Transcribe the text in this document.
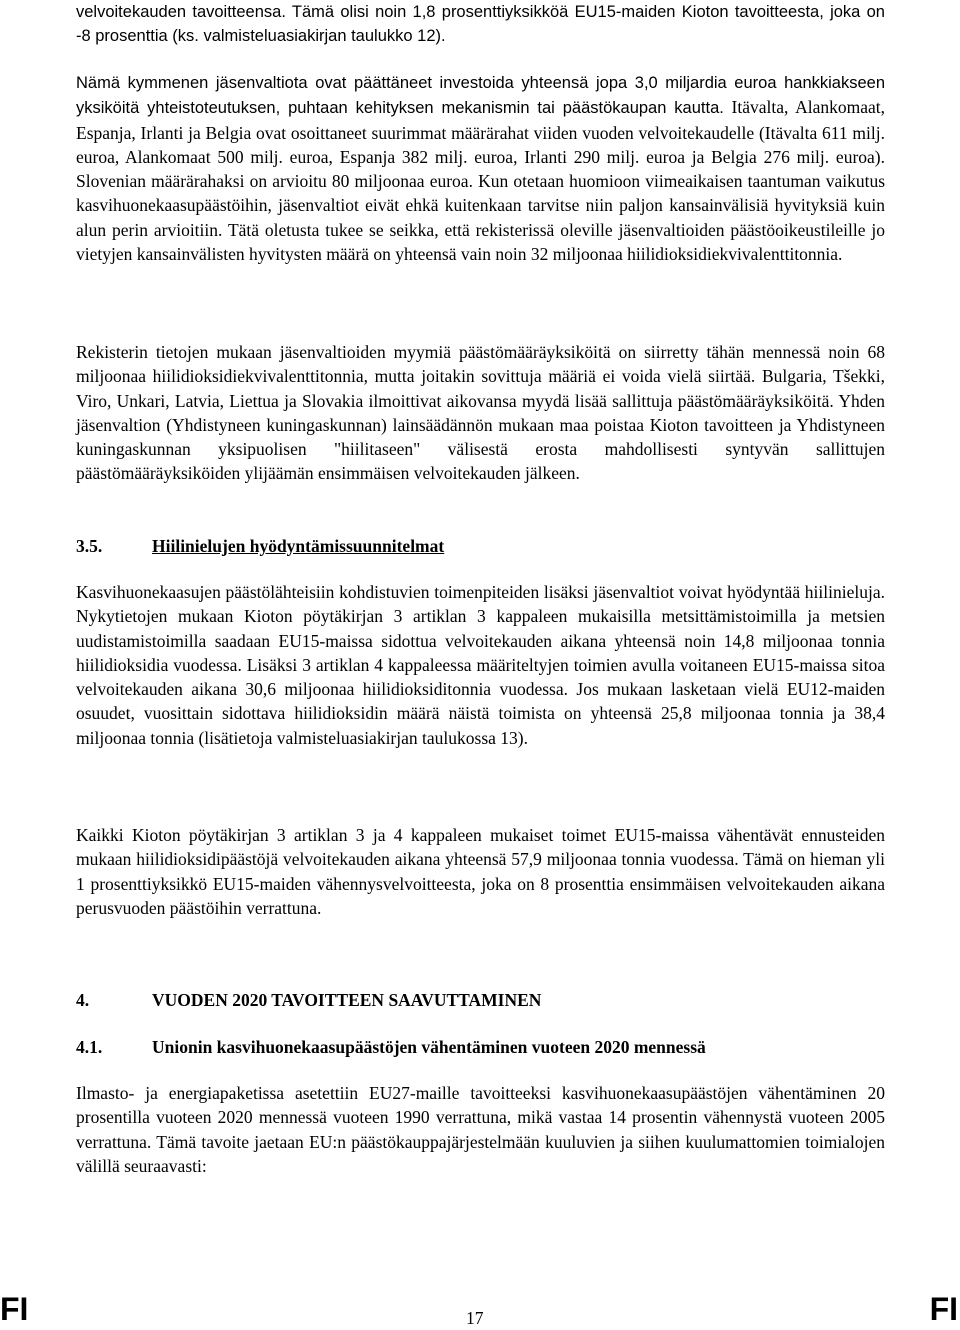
velvoitekauden tavoitteensa. Tämä olisi noin 1,8 prosenttiyksikköä EU15-maiden Kioton tavoitteesta, joka on -8 prosenttia (ks. valmisteluasiakirjan taulukko 12).

Nämä kymmenen jäsenvaltiota ovat päättäneet investoida yhteensä jopa 3,0 miljardia euroa hankkiakseen yksiköitä yhteistoteutuksen, puhtaan kehityksen mekanismin tai päästökaupan kautta. Itävalta, Alankomaat, Espanja, Irlanti ja Belgia ovat osoittaneet suurimmat määrärahat viiden vuoden velvoitekaudelle (Itävalta 611 milj. euroa, Alankomaat 500 milj. euroa, Espanja 382 milj. euroa, Irlanti 290 milj. euroa ja Belgia 276 milj. euroa). Slovenian määrärahaksi on arvioitu 80 miljoonaa euroa. Kun otetaan huomioon viimeaikaisen taantuman vaikutus kasvihuonekaasupäästöihin, jäsenvaltiot eivät ehkä kuitenkaan tarvitse niin paljon kansainvälisiä hyvityksiä kuin alun perin arvioitiin. Tätä oletusta tukee se seikka, että rekisterissä oleville jäsenvaltioiden päästöoikeustileille jo vietyjen kansainvälisten hyvitysten määrä on yhteensä vain noin 32 miljoonaa hiilidioksidiekvivalenttitonnia.

Rekisterin tietojen mukaan jäsenvaltioiden myymiä päästömääräyksiköitä on siirretty tähän mennessä noin 68 miljoonaa hiilidioksidiekvivalenttitonnia, mutta joitakin sovittuja määriä ei voida vielä siirtää. Bulgaria, Tšekki, Viro, Unkari, Latvia, Liettua ja Slovakia ilmoittivat aikovansa myydä lisää sallittuja päästömääräyksiköitä. Yhden jäsenvaltion (Yhdistyneen kuningaskunnan) lainsäädännön mukaan maa poistaa Kioton tavoitteen ja Yhdistyneen kuningaskunnan yksipuolisen "hiilitaseen" välisestä erosta mahdollisesti syntyvän sallittujen päästömääräyksiköiden ylijäämän ensimmäisen velvoitekauden jälkeen.

3.5.	Hiilinielujen hyödyntämissuunnitelmat

Kasvihuonekaasujen päästölähteisiin kohdistuvien toimenpiteiden lisäksi jäsenvaltiot voivat hyödyntää hiilinieluja. Nykytietojen mukaan Kioton pöytäkirjan 3 artiklan 3 kappaleen mukaisilla metsittämistoimilla ja metsien uudistamistoimilla saadaan EU15-maissa sidottua velvoitekauden aikana yhteensä noin 14,8 miljoonaa tonnia hiilidioksidia vuodessa. Lisäksi 3 artiklan 4 kappaleessa määriteltyjen toimien avulla voitaneen EU15-maissa sitoa velvoitekauden aikana 30,6 miljoonaa hiilidioksiditonnia vuodessa. Jos mukaan lasketaan vielä EU12-maiden osuudet, vuosittain sidottava hiilidioksidin määrä näistä toimista on yhteensä 25,8 miljoonaa tonnia ja 38,4 miljoonaa tonnia (lisätietoja valmisteluasiakirjan taulukossa 13).

Kaikki Kioton pöytäkirjan 3 artiklan 3 ja 4 kappaleen mukaiset toimet EU15-maissa vähentävät ennusteiden mukaan hiilidioksidipäästöjä velvoitekauden aikana yhteensä 57,9 miljoonaa tonnia vuodessa. Tämä on hieman yli 1 prosenttiyksikkö EU15-maiden vähennysvelvoitteesta, joka on 8 prosenttia ensimmäisen velvoitekauden aikana perusvuoden päästöihin verrattuna.

4.	VUODEN 2020 TAVOITTEEN SAAVUTTAMINEN
4.1.	Unionin kasvihuonekaasupäästöjen vähentäminen vuoteen 2020 mennessä

Ilmasto- ja energiapaketissa asetettiin EU27-maille tavoitteeksi kasvihuonekaasupäästöjen vähentäminen 20 prosentilla vuoteen 2020 mennessä vuoteen 1990 verrattuna, mikä vastaa 14 prosentin vähennystä vuoteen 2005 verrattuna. Tämä tavoite jaetaan EU:n päästökauppajärjestelmään kuuluvien ja siihen kuulumattomien toimialojen välillä seuraavasti:

FI	17	FI
